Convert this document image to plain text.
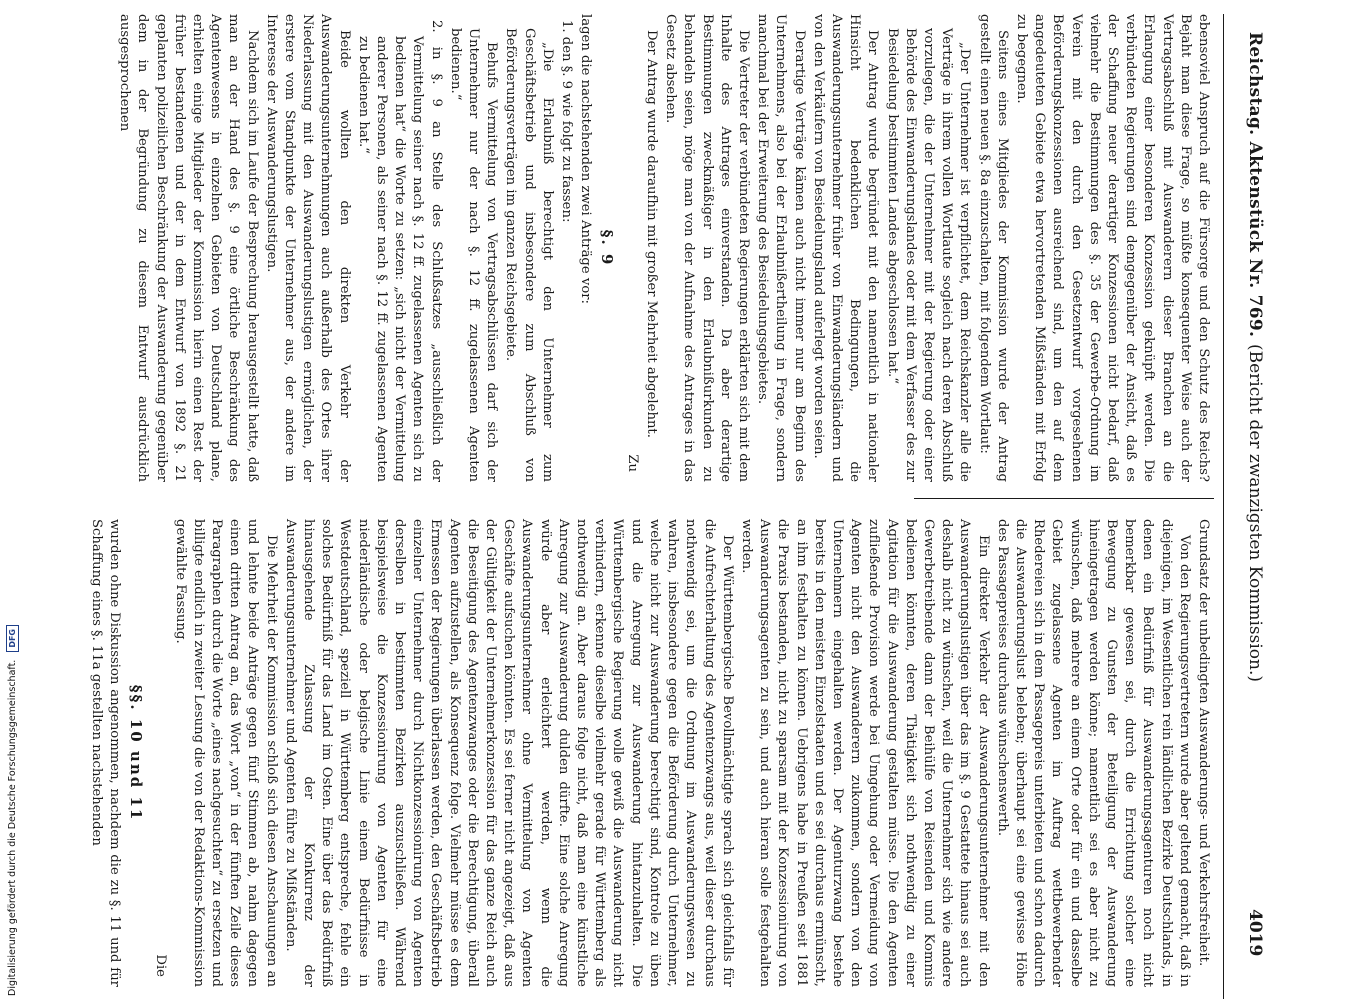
Reichstag. Aktenstück Nr. 769.
(Bericht der zwanzigsten Kommission.)
4019

ebensoviel Anspruch auf die Fürsorge und den Schutz des Reichs? Bejaht man diese Frage, so müßte konsequenter Weise auch der Vertragsabschluß mit Auswanderern dieser Branchen an die Erlangung einer besonderen Konzession geknüpft werden. Die verbündeten Regierungen sind demgegenüber der Ansicht, daß es der Schaffung neuer derartiger Konzessionen nicht bedarf, daß vielmehr die Bestimmungen des §. 35 der Gewerbe-Ordnung im Verein mit den durch den Gesetzentwurf vorgesehenen Beförderungskonzessionen ausreichend sind, um den auf dem angedeuteten Gebiete etwa hervortretenden Mißständen mit Erfolg zu begegnen.

Seitens eines Mitgliedes der Kommission wurde der Antrag gestellt einen neuen §. 8a einzuschalten, mit folgendem Wortlaut:

„Der Unternehmer ist verpflichtet, dem Reichskanzler alle die Verträge in ihrem vollen Wortlaute sogleich nach deren Abschluß vorzulegen, die der Unternehmer mit der Regierung oder einer Behörde des Einwanderungslandes oder mit dem Verfasser des zur Besiedelung bestimmten Landes abgeschlossen hat.“

Der Antrag wurde begründet mit den namentlich in nationaler Hinsicht bedenklichen Bedingungen, die Auswanderungsunternehmer früher von Einwanderungsländern und von den Verkäufern von Besiedelungsland auferlegt worden seien.

Derartige Verträge kämen auch nicht immer nur am Beginn des Unternehmens, also bei der Erlaubnißertheilung in Frage, sondern manchmal bei der Erweiterung des Besiedelungsgebietes.

Die Vertreter der verbündeten Regierungen erklärten sich mit dem Inhalte des Antrages einverstanden. Da aber derartige Bestimmungen zweckmäßiger in den Erlaubnißurkunden zu behandeln seien, möge man von der Aufnahme des Antrages in das Gesetz absehen.

Der Antrag wurde daraufhin mit großer Mehrheit abgelehnt.

Zu

§. 9

lagen die nachstehenden zwei Anträge vor:

1. den §. 9 wie folgt zu fassen:

„Die Erlaubniß berechtigt den Unternehmer zum Geschäftsbetrieb und insbesondere zum Abschluß von Beförderungsverträgen im ganzen Reichsgebiete.

Behufs Vermittelung von Vertragsabschlüssen darf sich der Unternehmer nur der nach §. 12 ff. zugelassenen Agenten bedienen.“

2. in §. 9 an Stelle des Schlußsatzes „ausschließlich der Vermittelung seiner nach §. 12 ff. zugelassenen Agenten sich zu bedienen hat“ die Worte zu setzen: „sich nicht der Vermittelung anderer Personen, als seiner nach §. 12 ff. zugelassenen Agenten zu bedienen hat.“

Beide wollten den direkten Verkehr der Auswanderungsunternehmungen auch außerhalb des Ortes ihrer Niederlassung mit den Auswanderungslustigen ermöglichen, der erstere vom Standpunkte der Unternehmer aus, der andere im Interesse der Auswanderungslustigen.

Nachdem sich im Laufe der Besprechung herausgestellt hatte, daß man an der Hand des §. 9 eine örtliche Beschränkung des Agentenwesens in einzelnen Gebieten von Deutschland plane, erhielten einige Mitglieder der Kommission hierin einen Rest der früher bestandenen und der in dem Entwurf von 1892 §. 21 geplanten polizeilichen Beschränkung der Auswanderung gegenüber dem in der Begründung zu diesem Entwurf ausdrücklich ausgesprochenen

Grundsatz der unbedingten Auswanderungs- und Verkehrsfreiheit.

Von den Regierungsvertretern wurde aber geltend gemacht, daß in diejenigen, im Wesentlichen rein ländlichen Bezirke Deutschlands, in denen ein Bedürfniß für Auswanderungsagenturen noch nicht bemerkbar gewesen sei, durch die Errichtung solcher eine Bewegung zu Gunsten der Beteiligung der Auswanderung hineingetragen werden könne; namentlich sei es aber nicht zu wünschen, daß mehrere an einem Orte oder für ein und dasselbe Gebiet zugelassene Agenten im Auftrag wettbewerbender Rhedereien sich in dem Passagepreis unterbieten und schon dadurch die Auswanderungslust beleben; überhaupt sei eine gewisse Höhe des Passagepreises durchaus wünschenswerth.

Ein direkter Verkehr der Auswanderungsunternehmer mit den Auswanderungslustigen über das im §. 9 Gestattete hinaus sei auch deshalb nicht zu wünschen, weil die Unternehmer sich wie andere Gewerbetreibende dann der Beihülfe von Reisenden und Kommis bedienen könnten, deren Thätigkeit sich nothwendig zu einer Agitation für die Auswanderung gestalten müsse. Die den Agenten zufließende Provision werde bei Umgehung oder Vermeidung von Agenten nicht den Auswanderern zukommen, sondern von den Unternehmern eingehalten werden. Der Agenturzwang bestehe bereits in den meisten Einzelstaaten und es sei durchaus ermünscht, an ihm festhalten zu können. Uebrigens habe in Preußen seit 1881 die Praxis bestanden, nicht zu sparsam mit der Konzessionirung von Auswanderungsagenten zu sein, und auch hieran solle festgehalten werden.

Der Württembergische Bevollmächtigte sprach sich gleichfalls für die Aufrechterhaltung des Agentenzwangs aus, weil dieser durchaus nothwendig sei, um die Ordnung im Auswanderungswesen zu wahren, insbesondere gegen die Beförderung durch Unternehmer, welche nicht zur Auswanderung berechtigt sind, Kontrole zu üben und die Anregung zur Auswanderung hintanzuhalten. Die Württembergische Regierung wolle gewiß die Auswanderung nicht verhindern, erkenne dieselbe vielmehr gerade für Württemberg als nothwendig an. Aber daraus folge nicht, daß man eine künstliche Anregung zur Auswanderung dulden dürfte. Eine solche Anregung würde aber erleichtert werden, wenn die Auswanderungsunternehmer ohne Vermittelung von Agenten Geschäfte aufsuchen könnten. Es sei ferner nicht angezeigt, daß aus der Gültigkeit der Unternehmerkonzession für das ganze Reich auch die Beseitigung des Agentenzwanges oder die Berechtigung, überall Agenten aufzustellen, als Konsequenz folge. Vielmehr müsse es dem Ermessen der Regierungen überlassen werden, den Geschäftsbetrieb einzelner Unternehmer durch Nichtkonzessionirung von Agenten derselben in bestimmten Bezirken auszuschließen. Während beispielsweise die Konzessionirung von Agenten für eine niederländische oder belgische Linie einem Bedürfnisse in Westdeutschland, speziell in Württemberg entspreche, fehle ein solches Bedürfniß für das Land im Osten. Eine über das Bedürfniß hinausgehende Zulassung der Konkurrenz der Auswanderungsunternehmer und Agenten führe zu Mißständen.

Die Mehrheit der Kommission schloß sich diesen Anschauungen an und lehnte beide Anträge gegen fünf Stimmen ab, nahm dagegen einen dritten Antrag an, das Wort „von“ in der fünften Zeile dieses Paragraphen durch die Worte „eines nachgesuchten“ zu ersetzen und billigte endlich in zweiter Lesung die von der Redaktions-Kommission gewählte Fassung.

Die

§§. 10 und 11

wurden ohne Diskussion angenommen, nachdem die zu §. 11 und für Schaffung eines §. 11a gestellten nachstehenden

Digitalisierung gefördert durch die Deutsche Forschungsgemeinschaft.DFG
